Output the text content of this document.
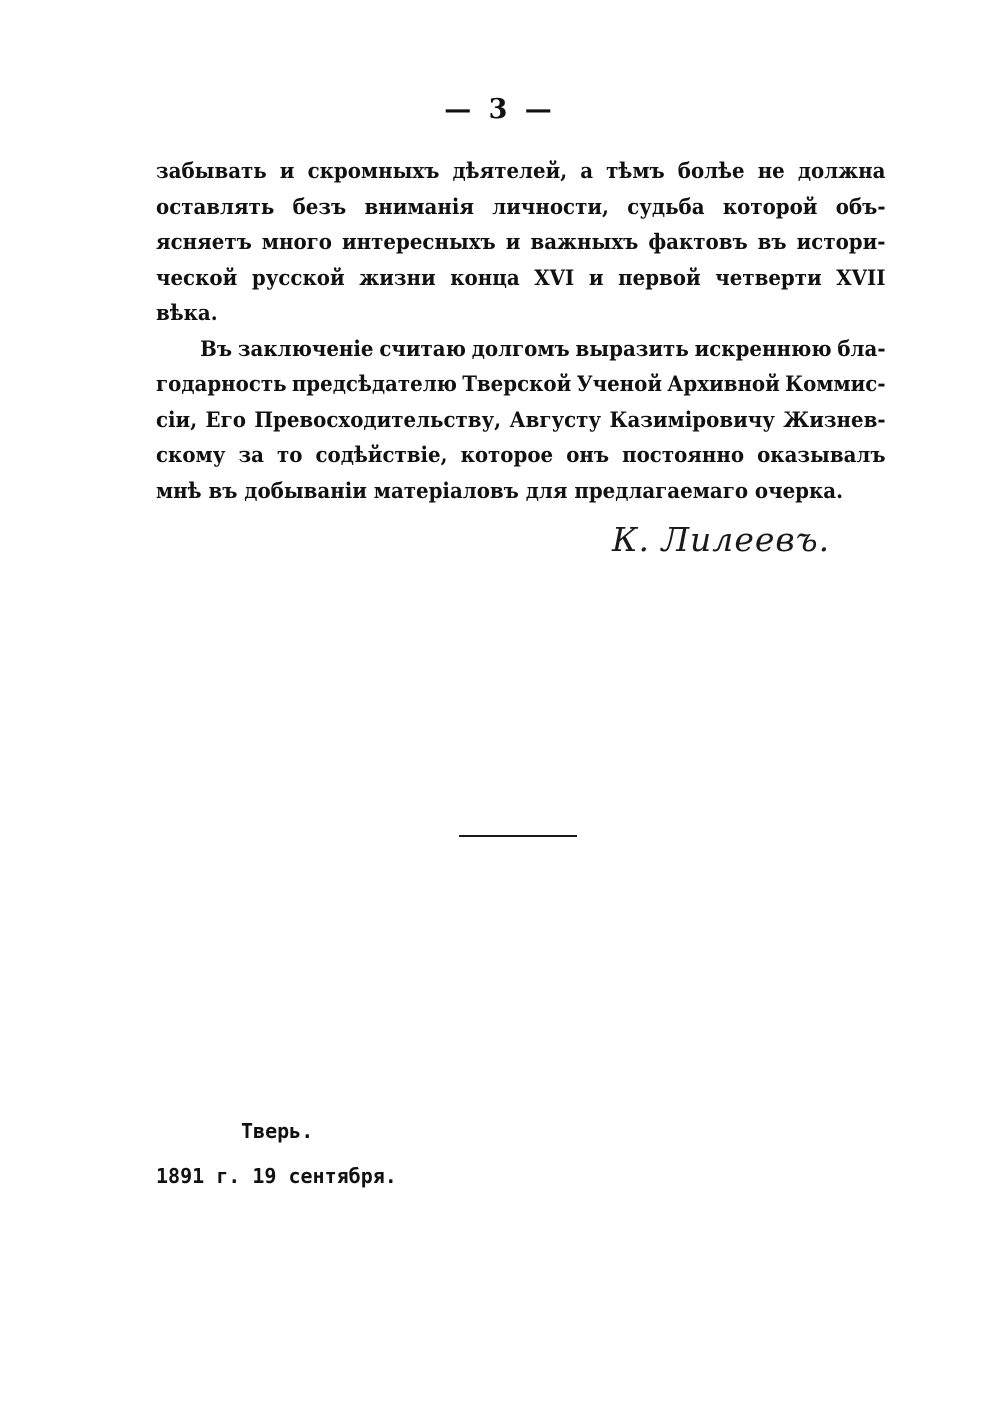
— 3 —
забывать и скромныхъ дѣятелей, а тѣмъ болѣе не должна
оставлять безъ вниманія личности, судьба которой объ-
ясняетъ много интересныхъ и важныхъ фактовъ въ истори-
ческой русской жизни конца XVI и первой четверти XVII
вѣка.
Въ заключеніе считаю долгомъ выразить искреннюю бла-
годарность предсѣдателю Тверской Ученой Архивной Коммис-
сіи, Его Превосходительству, Августу Казиміровичу Жизнев-
скому за то содѣйствіе, которое онъ постоянно оказывалъ
мнѣ въ добываніи матеріаловъ для предлагаемаго очерка.
К. Лилеевъ.
Тверь.
1891 г. 19 сентября.
